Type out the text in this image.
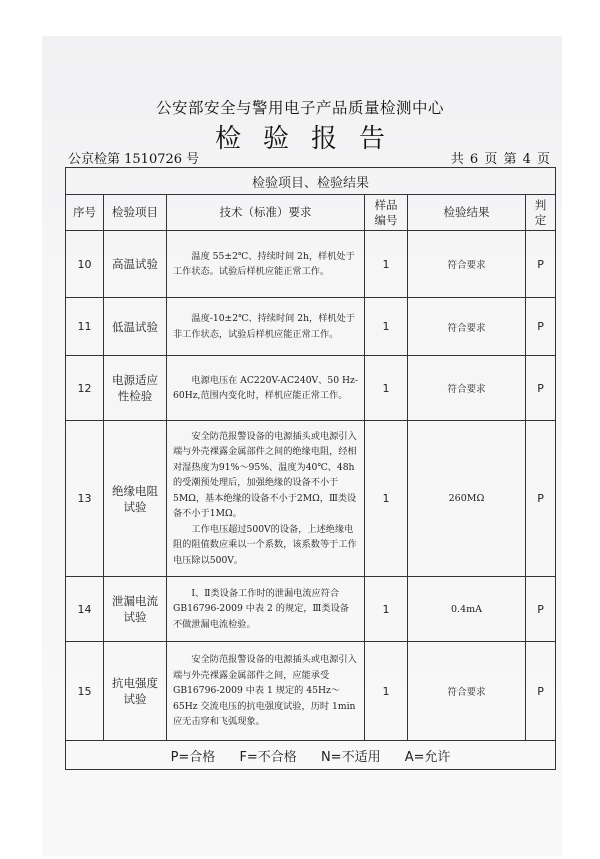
公安部安全与警用电子产品质量检测中心
检验报告
公京检第 1510726 号	共 6 页 第 4 页
检验项目、检验结果					
序号	检验项目	技术（标准）要求	样品编号	检验结果	判定
10	高温试验	温度 55±2℃、持续时间 2h，样机处于工作状态。试验后样机应能正常工作。	1	符合要求	P
11	低温试验	温度-10±2℃、持续时间 2h，样机处于非工作状态，试验后样机应能正常工作。	1	符合要求	P
12	电源适应性检验	电源电压在 AC220V-AC240V、50 Hz-60Hz,范围内变化时，样机应能正常工作。	1	符合要求	P
13	绝缘电阻试验	安全防范报警设备的电源插头或电源引入端与外壳裸露金属部件之间的绝缘电阻，经相对湿热度为91%～95%、温度为40℃、48h的受潮预处理后，加强绝缘的设备不小于5MΩ，基本绝缘的设备不小于2MΩ，Ⅲ类设备不小于1MΩ。
工作电压超过500V的设备，上述绝缘电阻的阻值数应乘以一个系数，该系数等于工作电压除以500V。	1	260MΩ	P
14	泄漏电流试验	Ⅰ、Ⅱ类设备工作时的泄漏电流应符合 GB16796-2009 中表 2 的规定，Ⅲ类设备不做泄漏电流检验。	1	0.4mA	P
15	抗电强度试验	安全防范报警设备的电源插头或电源引入端与外壳裸露金属部件之间，应能承受 GB16796-2009 中表 1 规定的 45Hz～65Hz 交流电压的抗电强度试验，历时 1min 应无击穿和飞弧现象。	1	符合要求	P
P=合格 F=不合格 N=不适用 A=允许					
